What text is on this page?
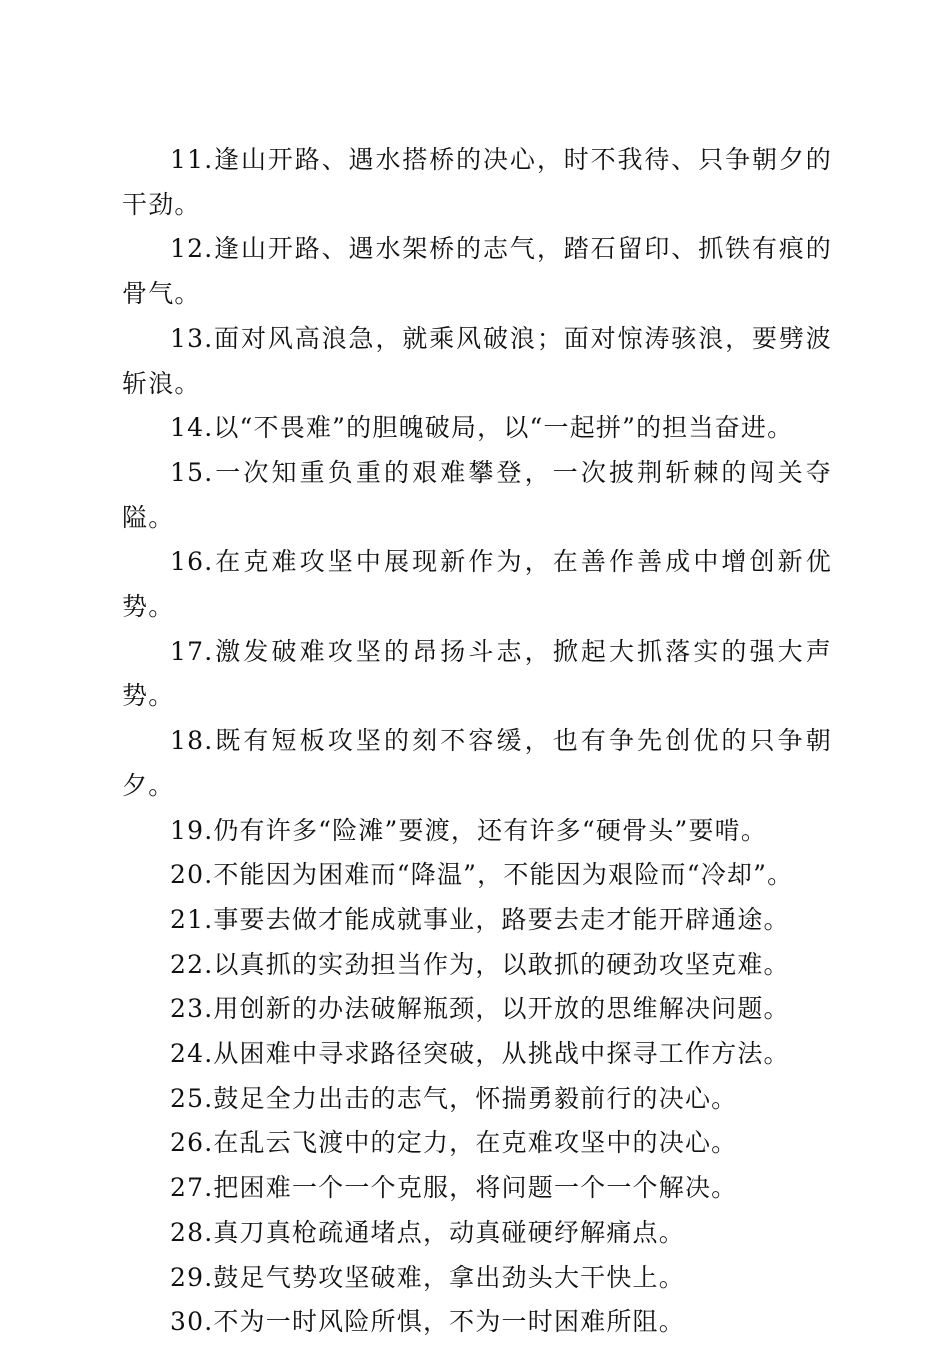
11.逢山开路、遇水搭桥的决心，时不我待、只争朝夕的干劲。

12.逢山开路、遇水架桥的志气，踏石留印、抓铁有痕的骨气。

13.面对风高浪急，就乘风破浪；面对惊涛骇浪，要劈波斩浪。

14.以“不畏难”的胆魄破局，以“一起拼”的担当奋进。

15.一次知重负重的艰难攀登，一次披荆斩棘的闯关夺隘。

16.在克难攻坚中展现新作为，在善作善成中增创新优势。

17.激发破难攻坚的昂扬斗志，掀起大抓落实的强大声势。

18.既有短板攻坚的刻不容缓，也有争先创优的只争朝夕。

19.仍有许多“险滩”要渡，还有许多“硬骨头”要啃。

20.不能因为困难而“降温”，不能因为艰险而“冷却”。

21.事要去做才能成就事业，路要去走才能开辟通途。

22.以真抓的实劲担当作为，以敢抓的硬劲攻坚克难。

23.用创新的办法破解瓶颈，以开放的思维解决问题。

24.从困难中寻求路径突破，从挑战中探寻工作方法。

25.鼓足全力出击的志气，怀揣勇毅前行的决心。

26.在乱云飞渡中的定力，在克难攻坚中的决心。

27.把困难一个一个克服，将问题一个一个解决。

28.真刀真枪疏通堵点，动真碰硬纾解痛点。

29.鼓足气势攻坚破难，拿出劲头大干快上。

30.不为一时风险所惧，不为一时困难所阻。
